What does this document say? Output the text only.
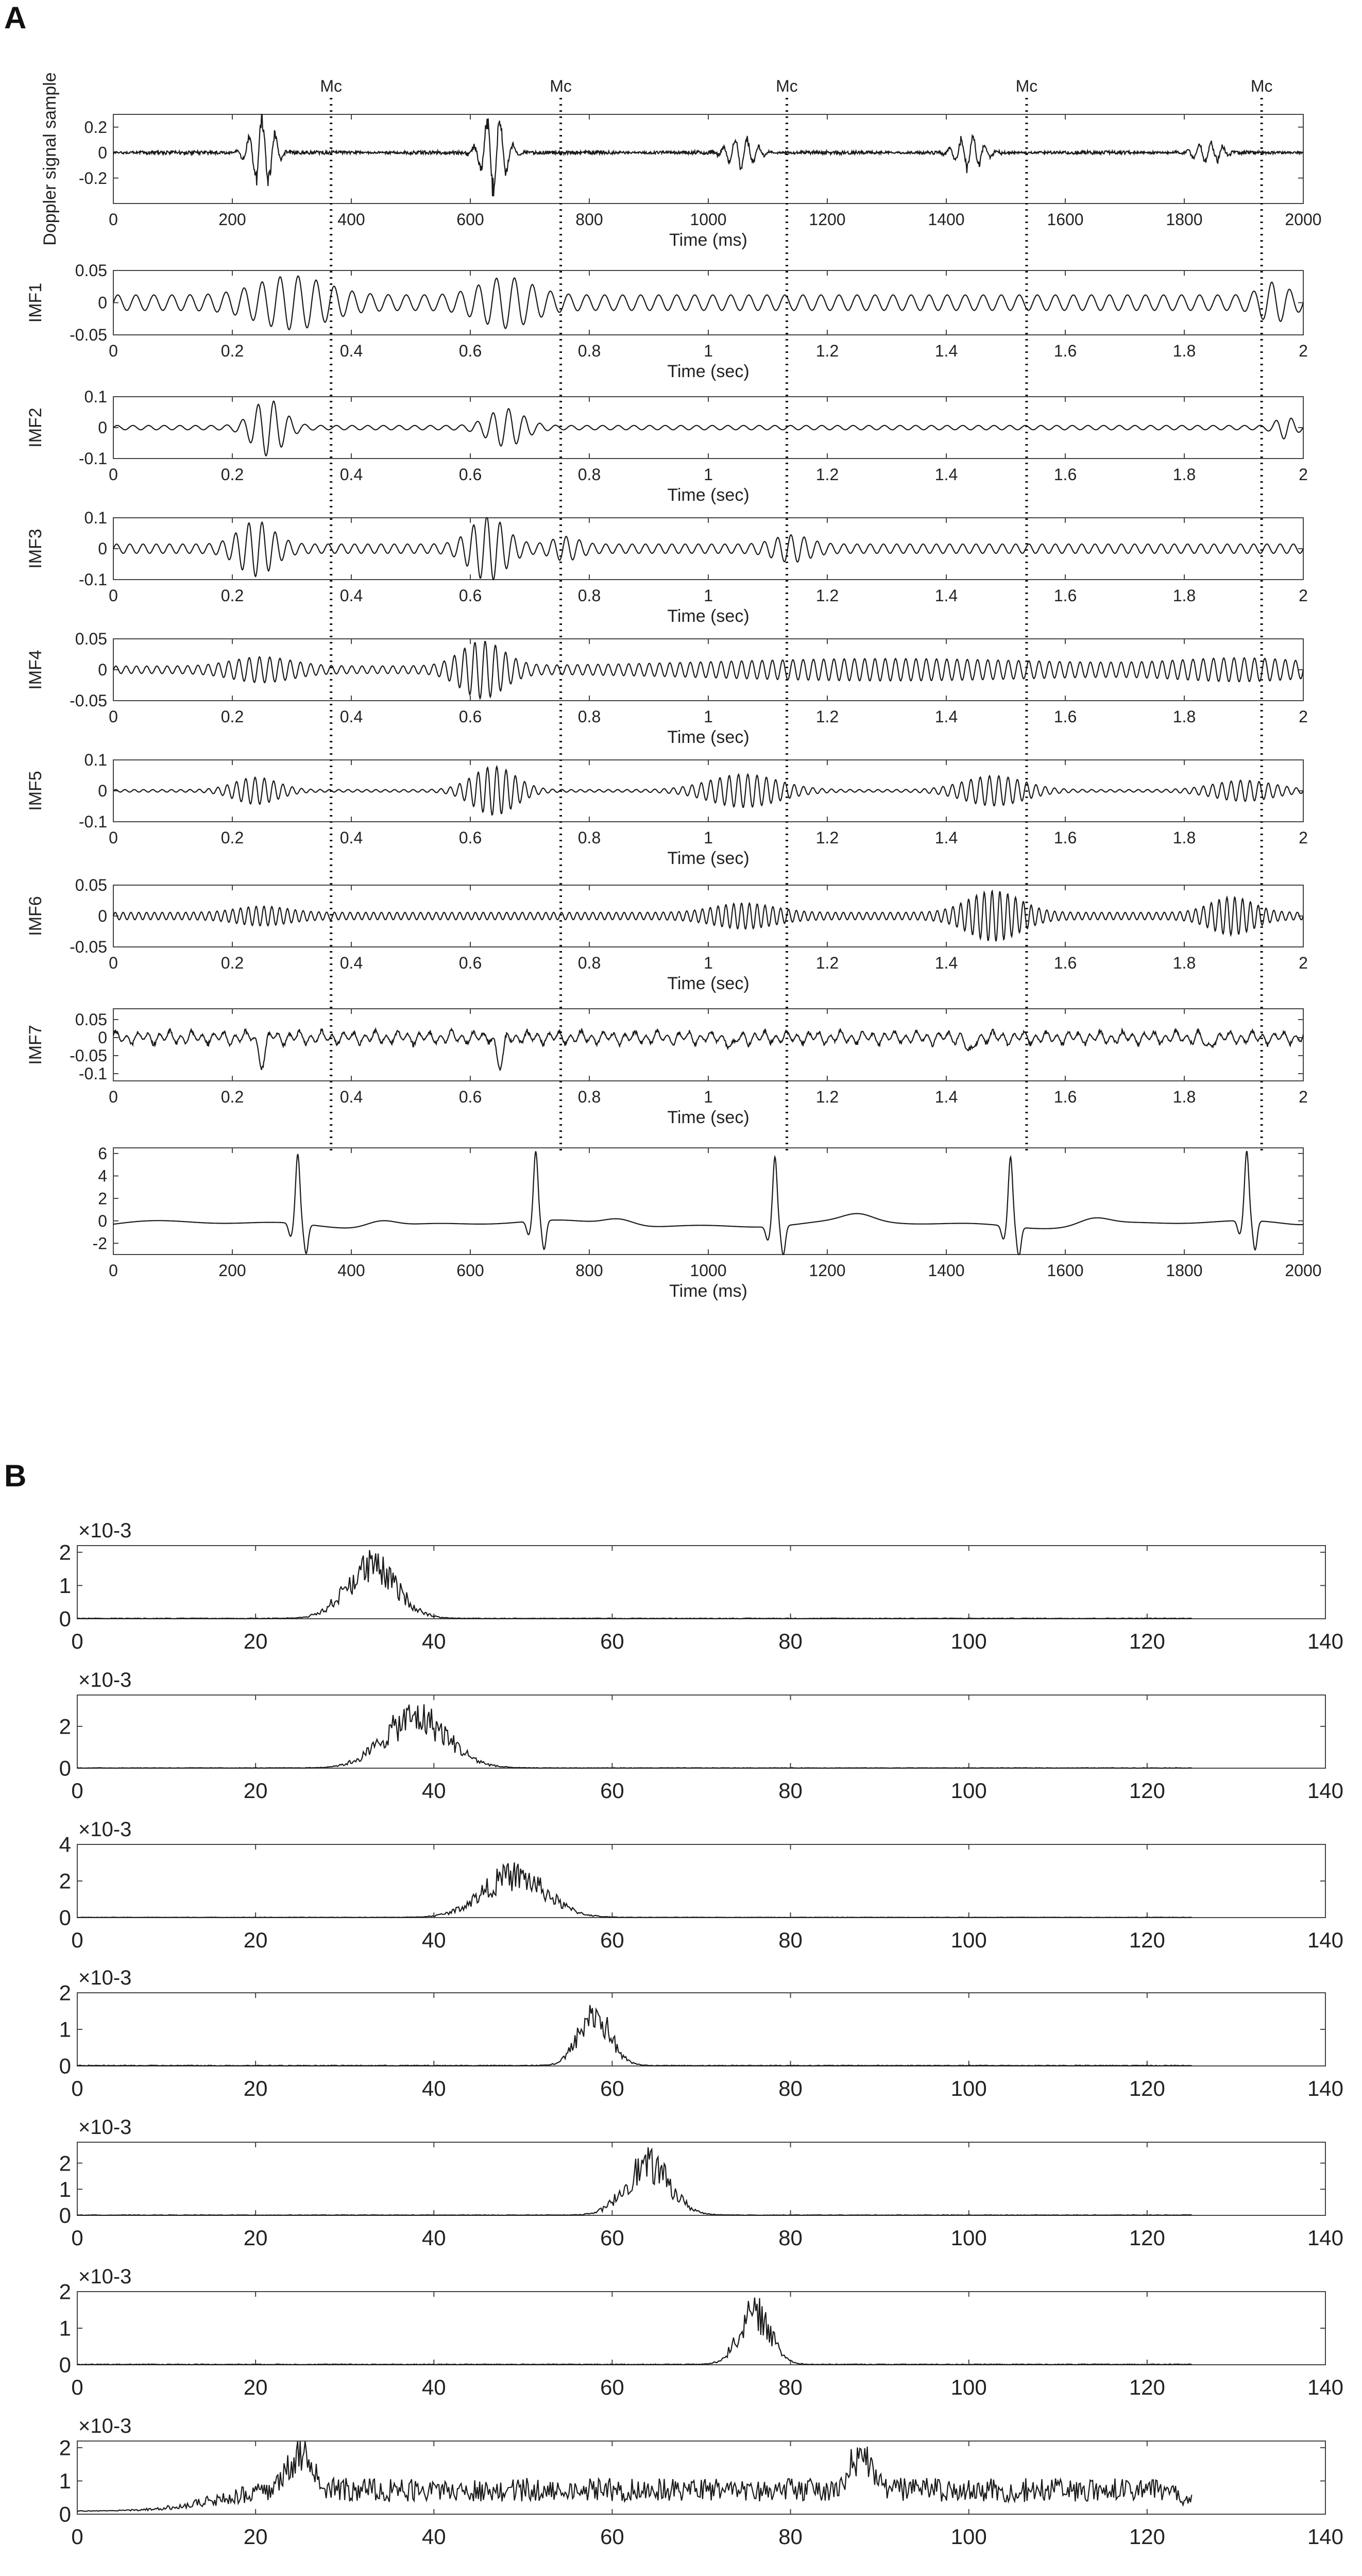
A
B
0	200	400	600	800	1000	1200	1400	1600	1800	2000
0.2
0
-0.2
Doppler signal sample	Time (ms)
0	0.2	0.4	0.6	0.8	1	1.2	1.4	1.6	1.8	2
0.05
0
-0.05
IMF1
Time (sec)
0	0.2	0.4	0.6	0.8	1	1.2	1.4	1.6	1.8	2
0.1
0
-0.1
IMF2
Time (sec)
0	0.2	0.4	0.6	0.8	1	1.2	1.4	1.6	1.8	2
0.1
0
-0.1
IMF3
Time (sec)
0	0.2	0.4	0.6	0.8	1	1.2	1.4	1.6	1.8	2
0.05
0
-0.05
IMF4
Time (sec)
0	0.2	0.4	0.6	0.8	1	1.2	1.4	1.6	1.8	2
0.1
0
-0.1
IMF5
Time (sec)
0	0.2	0.4	0.6	0.8	1	1.2	1.4	1.6	1.8	2
0.05
0
-0.05
IMF6
Time (sec)
0	0.2	0.4	0.6	0.8	1	1.2	1.4	1.6	1.8	2
0.05
0
-0.05
-0.1
IMF7
Time (sec)
0	200	400	600	800	1000	1200	1400	1600	1800	2000
6
4
2
0
-2
Time (ms)
Mc	Mc	Mc	Mc	Mc
0	20	40	60	80	100	120	140
2
1
0
×10-3
0	20	40	60	80	100	120	140
2
0
×10-3
0	20	40	60	80	100	120	140
4
2
0
×10-3
0	20	40	60	80	100	120	140
2
1
0
×10-3
0	20	40	60	80	100	120	140
2
1
0
×10-3
0	20	40	60	80	100	120	140
2
1
0
×10-3
0	20	40	60	80	100	120	140
2
1
0
×10-3
